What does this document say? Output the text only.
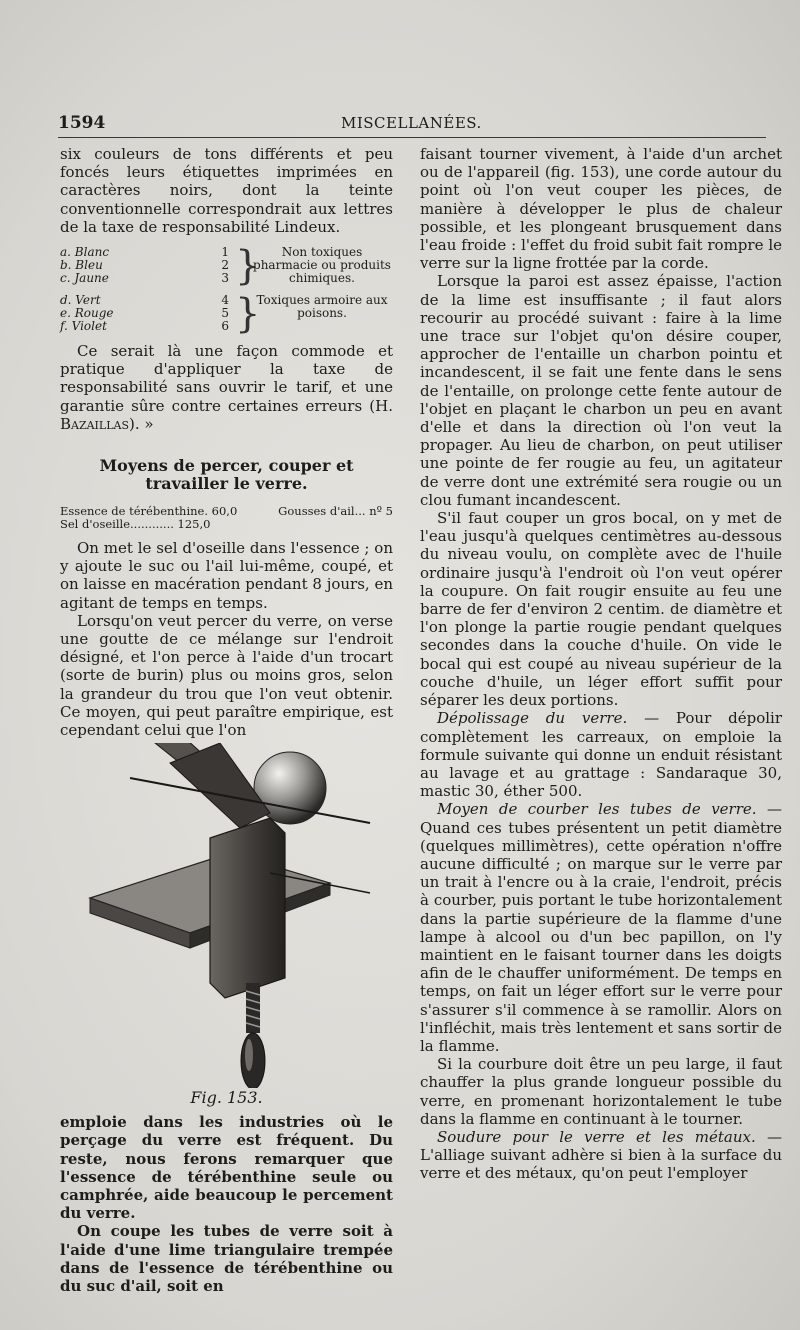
1594	MISCELLANÉES.

six couleurs de tons différents et peu foncés leurs étiquettes imprimées en caractères noirs, dont la teinte conventionnelle correspondrait aux lettres de la taxe de responsabilité Lindeux.

a. Blanc	1
b. Bleu	2
c. Jaune	3 }	Non toxiques pharmacie ou produits chimiques.
d. Vert	4
e. Rouge	5
f. Violet	6 }
Toxiques armoire aux poisons.

Ce serait là une façon commode et pratique d'appliquer la taxe de responsabilité sans ouvrir le tarif, et une garantie sûre contre certaines erreurs (H. Bazaillas). »

Moyens de percer, couper et travailler le verre.
Essence de térébenthine. 60,0	Gousses d'ail... nº 5
Sel d'oseille............ 125,0

On met le sel d'oseille dans l'essence ; on y ajoute le suc ou l'ail lui-même, coupé, et on laisse en macération pendant 8 jours, en agitant de temps en temps.

Lorsqu'on veut percer du verre, on verse une goutte de ce mélange sur l'endroit désigné, et l'on perce à l'aide d'un trocart (sorte de burin) plus ou moins gros, selon la grandeur du trou que l'on veut obtenir. Ce moyen, qui peut paraître empirique, est cependant celui que l'on

Fig. 153.

emploie dans les industries où le perçage du verre est fréquent. Du reste, nous ferons remarquer que l'essence de térébenthine seule ou camphrée, aide beaucoup le percement du verre.

On coupe les tubes de verre soit à l'aide d'une lime triangulaire trempée dans de l'essence de térébenthine ou du suc d'ail, soit en

faisant tourner vivement, à l'aide d'un archet ou de l'appareil (fig. 153), une corde autour du point où l'on veut couper les pièces, de manière à développer le plus de chaleur possible, et les plongeant brusquement dans l'eau froide : l'effet du froid subit fait rompre le verre sur la ligne frottée par la corde.

Lorsque la paroi est assez épaisse, l'action de la lime est insuffisante ; il faut alors recourir au procédé suivant : faire à la lime une trace sur l'objet qu'on désire couper, approcher de l'entaille un charbon pointu et incandescent, il se fait une fente dans le sens de l'entaille, on prolonge cette fente autour de l'objet en plaçant le charbon un peu en avant d'elle et dans la direction où l'on veut la propager. Au lieu de charbon, on peut utiliser une pointe de fer rougie au feu, un agitateur de verre dont une extrémité sera rougie ou un clou fumant incandescent.

S'il faut couper un gros bocal, on y met de l'eau jusqu'à quelques centimètres au-dessous du niveau voulu, on complète avec de l'huile ordinaire jusqu'à l'endroit où l'on veut opérer la coupure. On fait rougir ensuite au feu une barre de fer d'environ 2 centim. de diamètre et l'on plonge la partie rougie pendant quelques secondes dans la couche d'huile. On vide le bocal qui est coupé au niveau supérieur de la couche d'huile, un léger effort suffit pour séparer les deux portions.

Dépolissage du verre. — Pour dépolir complètement les carreaux, on emploie la formule suivante qui donne un enduit résistant au lavage et au grattage : Sandaraque 30, mastic 30, éther 500.

Moyen de courber les tubes de verre. — Quand ces tubes présentent un petit diamètre (quelques millimètres), cette opération n'offre aucune difficulté ; on marque sur le verre par un trait à l'encre ou à la craie, l'endroit, précis à courber, puis portant le tube horizontalement dans la partie supérieure de la flamme d'une lampe à alcool ou d'un bec papillon, on l'y maintient en le faisant tourner dans les doigts afin de le chauffer uniformément. De temps en temps, on fait un léger effort sur le verre pour s'assurer s'il commence à se ramollir. Alors on l'infléchit, mais très lentement et sans sortir de la flamme.

Si la courbure doit être un peu large, il faut chauffer la plus grande longueur possible du verre, en promenant horizontalement le tube dans la flamme en continuant à le tourner.

Soudure pour le verre et les métaux. — L'alliage suivant adhère si bien à la surface du verre et des métaux, qu'on peut l'employer
